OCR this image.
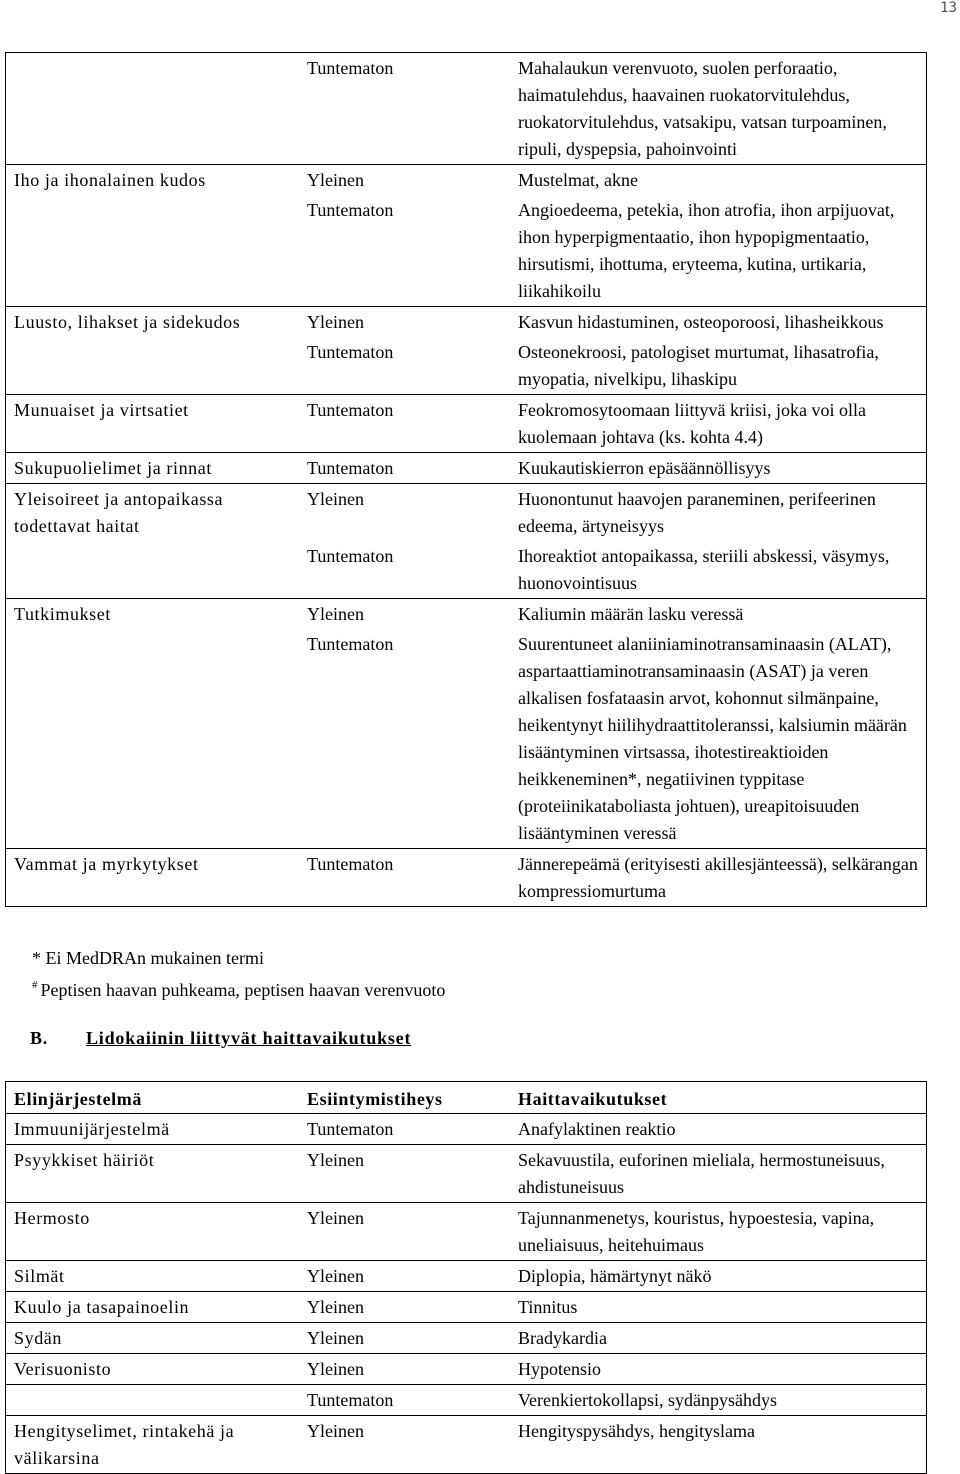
13
	Tuntematon	Mahalaukun verenvuoto, suolen perforaatio, haimatulehdus, haavainen ruokatorvitulehdus, ruokatorvitulehdus, vatsakipu, vatsan turpoaminen, ripuli, dyspepsia, pahoinvointi
Iho ja ihonalainen kudos	Yleinen	Mustelmat, akne
	Tuntematon	Angioedeema, petekia, ihon atrofia, ihon arpijuovat, ihon hyperpigmentaatio, ihon hypopigmentaatio, hirsutismi, ihottuma, eryteema, kutina, urtikaria, liikahikoilu
Luusto, lihakset ja sidekudos	Yleinen	Kasvun hidastuminen, osteoporoosi, lihasheikkous
	Tuntematon	Osteonekroosi, patologiset murtumat, lihasatrofia, myopatia, nivelkipu, lihaskipu
Munuaiset ja virtsatiet	Tuntematon	Feokromosytoomaan liittyvä kriisi, joka voi olla kuolemaan johtava (ks. kohta 4.4)
Sukupuolielimet ja rinnat	Tuntematon	Kuukautiskierron epäsäännöllisyys
Yleisoireet ja antopaikassa todettavat haitat	Yleinen	Huonontunut haavojen paraneminen, perifeerinen edeema, ärtyneisyys
	Tuntematon	Ihoreaktiot antopaikassa, steriili abskessi, väsymys, huonovointisuus
Tutkimukset	Yleinen	Kaliumin määrän lasku veressä
	Tuntematon	Suurentuneet alaniiniaminotransaminaasin (ALAT), aspartaattiaminotransaminaasin (ASAT) ja veren alkalisen fosfataasin arvot, kohonnut silmänpaine, heikentynyt hiilihydraattitoleranssi, kalsiumin määrän lisääntyminen virtsassa, ihotestireaktioiden heikkeneminen*, negatiivinen typpitase (proteiinikataboliasta johtuen), ureapitoisuuden lisääntyminen veressä
Vammat ja myrkytykset	Tuntematon	Jännerepeämä (erityisesti akillesjänteessä), selkärangan kompressiomurtuma
* Ei MedDRAn mukainen termi
# Peptisen haavan puhkeama, peptisen haavan verenvuoto
B. Lidokaiinin liittyvät haittavaikutukset
Elinjärjestelmä	Esiintymistiheys	Haittavaikutukset
Immuunijärjestelmä	Tuntematon	Anafylaktinen reaktio
Psyykkiset häiriöt	Yleinen	Sekavuustila, euforinen mieliala, hermostuneisuus, ahdistuneisuus
Hermosto	Yleinen	Tajunnanmenetys, kouristus, hypoestesia, vapina, uneliaisuus, heitehuimaus
Silmät	Yleinen	Diplopia, hämärtynyt näkö
Kuulo ja tasapainoelin	Yleinen	Tinnitus
Sydän	Yleinen	Bradykardia
Verisuonisto	Yleinen	Hypotensio
	Tuntematon	Verenkiertokollapsi, sydänpysähdys
Hengityselimet, rintakehä ja välikarsina	Yleinen	Hengityspysähdys, hengityslama
